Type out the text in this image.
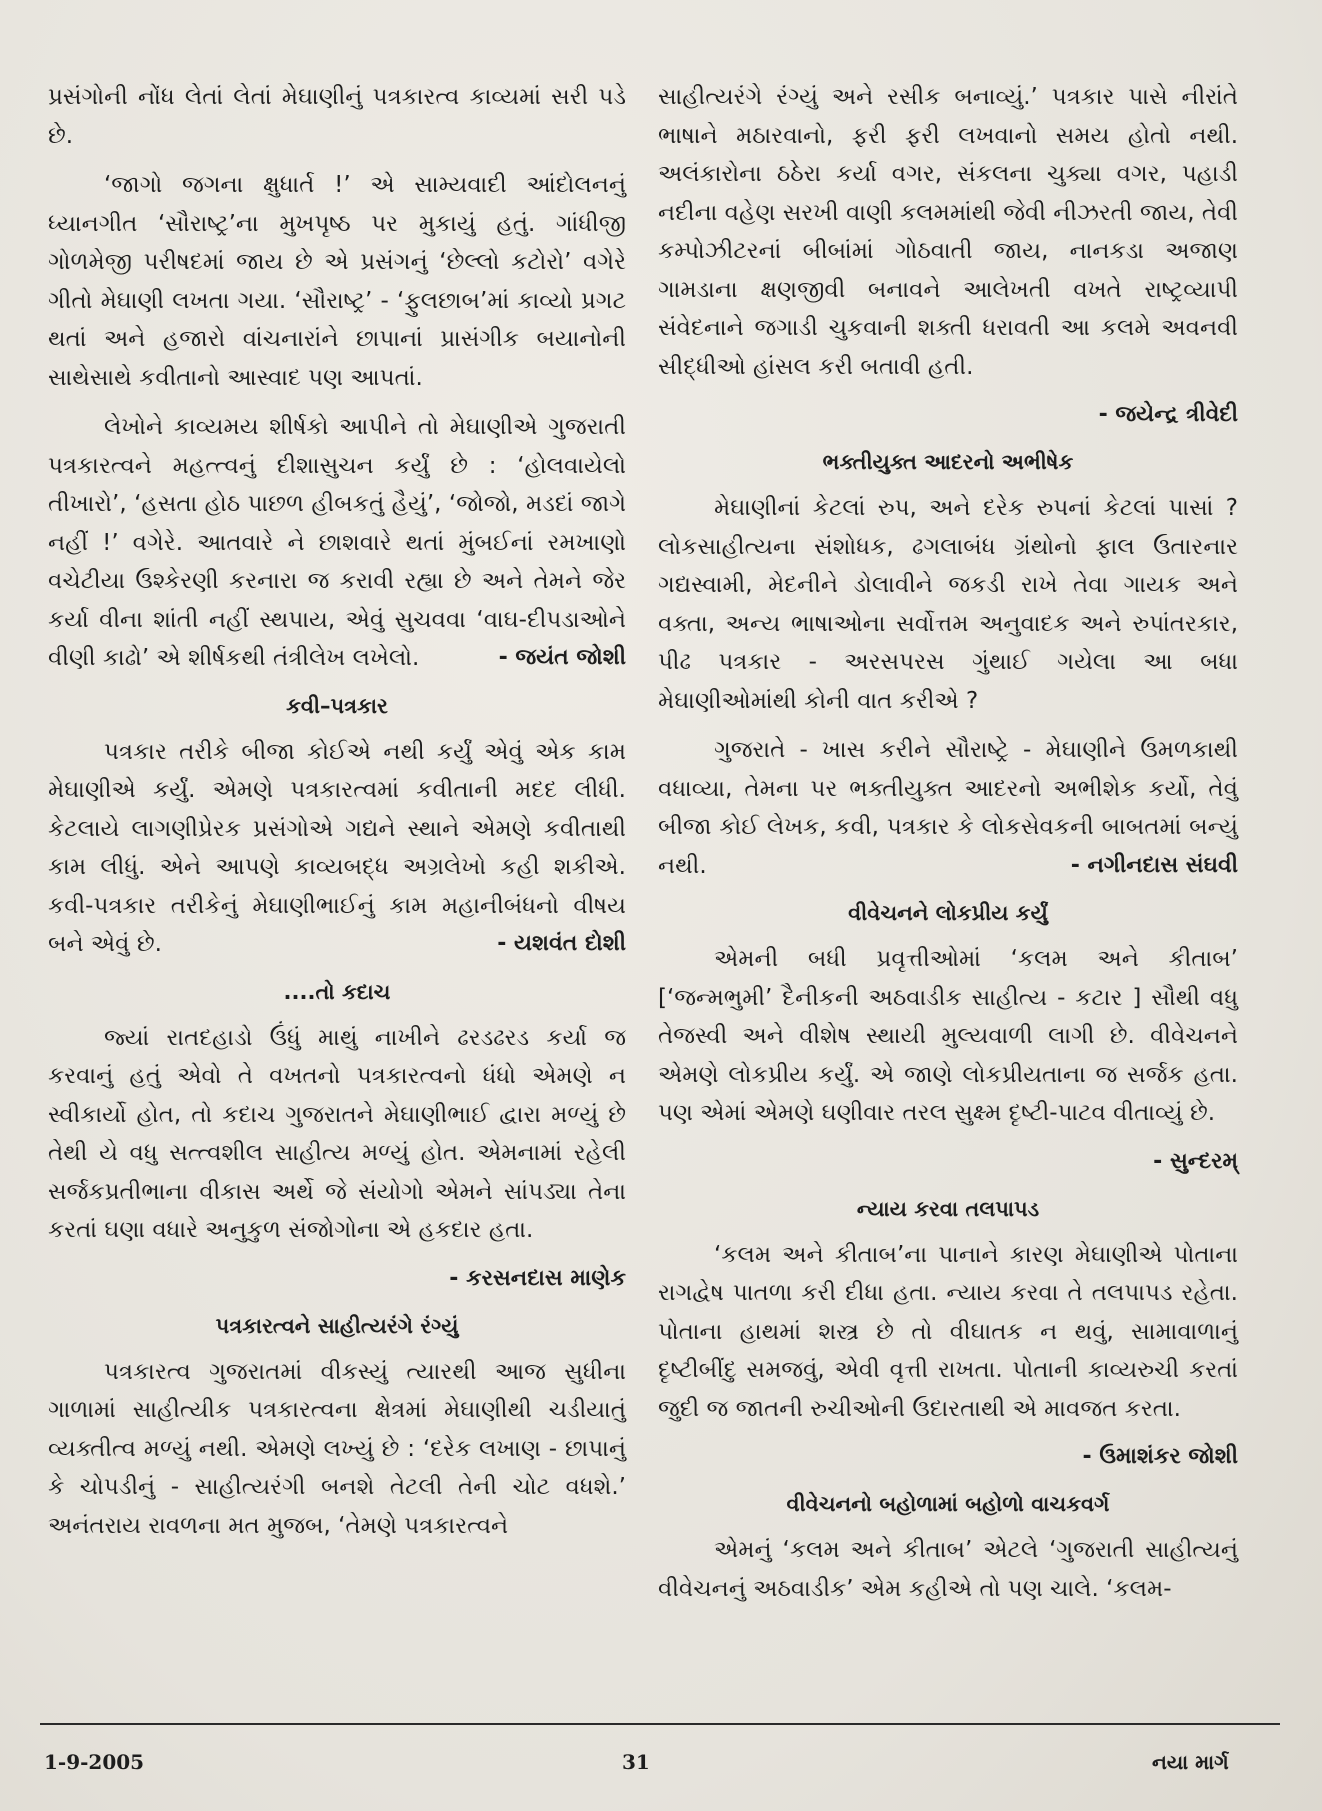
પ્રસંગોની નોંધ લેતાં લેતાં મેઘાણીનું પત્રકારત્વ કાવ્યમાં સરી પડે છે.

‘જાગો જગના ક્ષુધાર્ત !’ એ સામ્યવાદી આંદોલનનું ધ્યાનગીત ‘સૌરાષ્ટ્ર’ના મુખપૃષ્ઠ પર મુકાયું હતું. ગાંધીજી ગોળમેજી પરીષદમાં જાય છે એ પ્રસંગનું ‘છેલ્લો કટોરો’ વગેરે ગીતો મેઘાણી લખતા ગયા. ‘સૌરાષ્ટ્ર’ - ‘ફુલછાબ’માં કાવ્યો પ્રગટ થતાં અને હજારો વાંચનારાંને છાપાનાં પ્રાસંગીક બયાનોની સાથેસાથે કવીતાનો આસ્વાદ પણ આપતાં.

લેખોને કાવ્યમય શીર્ષકો આપીને તો મેઘાણીએ ગુજરાતી પત્રકારત્વને મહત્ત્વનું દીશાસુચન કર્યું છે : ‘હોલવાયેલો તીખારો’, ‘હસતા હોઠ પાછળ હીબકતું હૈયું’, ‘જોજો, મડદાં જાગે નહીં !’ વગેરે. આતવારે ને છાશવારે થતાં મુંબઈનાં રમખાણો વચેટીયા ઉશ્કેરણી કરનારા જ કરાવી રહ્યા છે અને તેમને જેર કર્યા વીના શાંતી નહીં સ્થપાય, એવું સુચવવા ‘વાઘ-દીપડાઓને વીણી કાઢો’ એ શીર્ષકથી તંત્રીલેખ લખેલો.	- જયંત જોશી

કવી–પત્રકાર

પત્રકાર તરીકે બીજા કોઈએ નથી કર્યું એવું એક કામ મેઘાણીએ કર્યું. એમણે પત્રકારત્વમાં કવીતાની મદદ લીધી. કેટલાયે લાગણીપ્રેરક પ્રસંગોએ ગદ્યને સ્થાને એમણે કવીતાથી કામ લીધું. એને આપણે કાવ્યબદ્ધ અગ્રલેખો કહી શકીએ. કવી-પત્રકાર તરીકેનું મેઘાણીભાઈનું કામ મહાનીબંધનો વીષય બને એવું છે.	- યશવંત દોશી

....તો કદાચ

જ્યાં રાતદહાડો ઉંધું માથું નાખીને ઢરડઢરડ કર્યા જ કરવાનું હતું એવો તે વખતનો પત્રકારત્વનો ધંધો એમણે ન સ્વીકાર્યો હોત, તો કદાચ ગુજરાતને મેઘાણીભાઈ દ્વારા મળ્યું છે તેથી યે વધુ સત્ત્વશીલ સાહીત્ય મળ્યું હોત. એમનામાં રહેલી સર્જકપ્રતીભાના વીકાસ અર્થે જે સંયોગો એમને સાંપડ્યા તેના કરતાં ઘણા વધારે અનુકુળ સંજોગોના એ હકદાર હતા.

- કરસનદાસ માણેક
પત્રકારત્વને સાહીત્યરંગે રંગ્યું

પત્રકારત્વ ગુજરાતમાં વીકસ્યું ત્યારથી આજ સુધીના ગાળામાં સાહીત્યીક પત્રકારત્વના ક્ષેત્રમાં મેઘાણીથી ચડીયાતું વ્યક્તીત્વ મળ્યું નથી. એમણે લખ્યું છે : ‘દરેક લખાણ - છાપાનું કે ચોપડીનું - સાહીત્યરંગી બનશે તેટલી તેની ચોટ વધશે.’ અનંતરાય રાવળના મત મુજબ, ‘તેમણે પત્રકારત્વને

સાહીત્યરંગે રંગ્યું અને રસીક બનાવ્યું.’ પત્રકાર પાસે નીરાંતે ભાષાને મઠારવાનો, ફરી ફરી લખવાનો સમય હોતો નથી. અલંકારોના ઠઠેરા કર્યા વગર, સંકલના ચુક્યા વગર, પહાડી નદીના વહેણ સરખી વાણી કલમમાંથી જેવી નીઝરતી જાય, તેવી કમ્પોઝીટરનાં બીબાંમાં ગોઠવાતી જાય, નાનકડા અજાણ ગામડાના ક્ષણજીવી બનાવને આલેખતી વખતે રાષ્ટ્રવ્યાપી સંવેદનાને જગાડી ચુકવાની શક્તી ધરાવતી આ કલમે અવનવી સીદ્ધીઓ હાંસલ કરી બતાવી હતી.

- જયેન્દ્ર ત્રીવેદી
ભક્તીયુક્ત આદરનો અભીષેક

મેઘાણીનાં કેટલાં રુપ, અને દરેક રુપનાં કેટલાં પાસાં ? લોકસાહીત્યના સંશોધક, ઢગલાબંધ ગ્રંથોનો ફાલ ઉતારનાર ગદ્યસ્વામી, મેદનીને ડોલાવીને જકડી રાખે તેવા ગાયક અને વક્તા, અન્ય ભાષાઓના સર્વોત્તમ અનુવાદક અને રુપાંતરકાર, પીઢ પત્રકાર - અરસપરસ ગુંથાઈ ગયેલા આ બધા મેઘાણીઓમાંથી કોની વાત કરીએ ?

ગુજરાતે - ખાસ કરીને સૌરાષ્ટ્રે - મેઘાણીને ઉમળકાથી વધાવ્યા, તેમના પર ભક્તીયુક્ત આદરનો અભીશેક કર્યો, તેવું બીજા કોઈ લેખક, કવી, પત્રકાર કે લોકસેવકની બાબતમાં બન્યું નથી.	- નગીનદાસ સંઘવી

વીવેચનને લોકપ્રીય કર્યું

એમની બધી પ્રવૃત્તીઓમાં ‘કલમ અને કીતાબ’ [‘જન્મભુમી’ દૈનીકની અઠવાડીક સાહીત્ય - કટાર ] સૌથી વધુ તેજસ્વી અને વીશેષ સ્થાયી મુલ્યવાળી લાગી છે. વીવેચનને એમણે લોકપ્રીય કર્યું. એ જાણે લોકપ્રીયતાના જ સર્જક હતા. પણ એમાં એમણે ઘણીવાર તરલ સુક્ષ્મ દૃષ્ટી-પાટવ વીતાવ્યું છે.

- સુન્દરમ્
ન્યાય કરવા તલપાપડ

‘કલમ અને કીતાબ’ના પાનાને કારણ મેઘાણીએ પોતાના રાગદ્વેષ પાતળા કરી દીધા હતા. ન્યાય કરવા તે તલપાપડ રહેતા. પોતાના હાથમાં શસ્ત્ર છે તો વીઘાતક ન થવું, સામાવાળાનું દૃષ્ટીબીંદુ સમજવું, એવી વૃત્તી રાખતા. પોતાની કાવ્યરુચી કરતાં જુદી જ જાતની રુચીઓની ઉદારતાથી એ માવજત કરતા.

- ઉમાશંકર જોશી
વીવેચનનો બહોળામાં બહોળો વાચકવર્ગ

એમનું ‘કલમ અને કીતાબ’ એટલે ‘ગુજરાતી સાહીત્યનું વીવેચનનું અઠવાડીક’ એમ કહીએ તો પણ ચાલે. ‘કલમ-

1-9-2005	31	નયા માર્ગ
